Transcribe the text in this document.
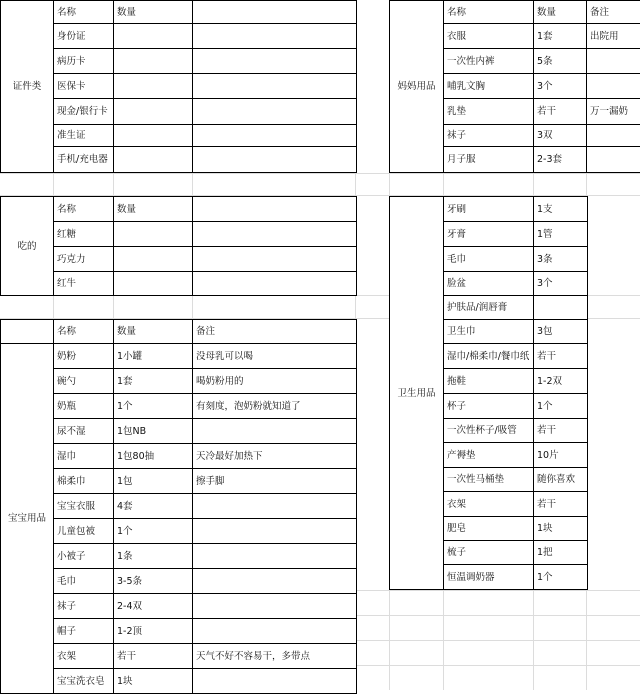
证件类	名称	数量	
	身份证		
	病历卡		
	医保卡		
	现金/银行卡		
	准生证		
	手机/充电器		
吃的	名称	数量	
	红糖		
	巧克力		
	红牛		
	名称	数量	备注
宝宝用品	奶粉	1小罐	没母乳可以喝
	碗勺	1套	喝奶粉用的
	奶瓶	1个	有刻度，泡奶粉就知道了
	尿不湿	1包NB	
	湿巾	1包80抽	天冷最好加热下
	棉柔巾	1包	擦手脚
	宝宝衣服	4套	
	儿童包被	1个	
	小被子	1条	
	毛巾	3-5条	
	袜子	2-4双	
	帽子	1-2顶	
	衣架	若干	天气不好不容易干，多带点
	宝宝洗衣皂	1块	
妈妈用品	名称	数量	备注
	衣服	1套	出院用
	一次性内裤	5条	
	哺乳文胸	3个	
	乳垫	若干	万一漏奶
	袜子	3双	
	月子服	2-3套	
卫生用品	牙刷	1支
	牙膏	1管
	毛巾	3条
	脸盆	3个
	护肤品/润唇膏	
	卫生巾	3包
	湿巾/棉柔巾/餐巾纸	若干
	拖鞋	1-2双
	杯子	1个
	一次性杯子/吸管	若干
	产褥垫	10片
	一次性马桶垫	随你喜欢
	衣架	若干
	肥皂	1块
	梳子	1把
	恒温调奶器	1个
